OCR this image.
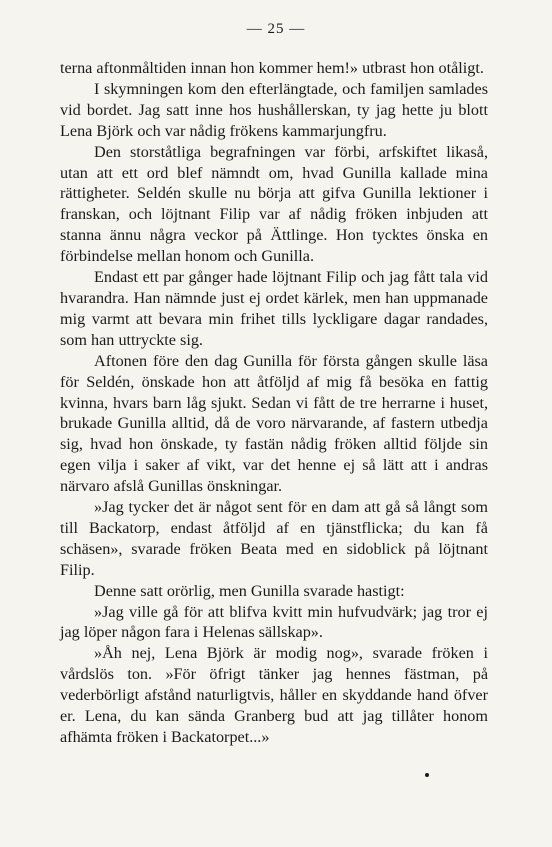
— 25 —

terna aftonmåltiden innan hon kommer hem!» utbrast hon otåligt.

I skymningen kom den efterlängtade, och familjen samlades vid bordet. Jag satt inne hos hushållerskan, ty jag hette ju blott Lena Björk och var nådig frökens kammarjungfru.

Den storståtliga begrafningen var förbi, arfskiftet likaså, utan att ett ord blef nämndt om, hvad Gunilla kallade mina rättigheter. Seldén skulle nu börja att gifva Gunilla lektioner i franskan, och löjtnant Filip var af nådig fröken inbjuden att stanna ännu några veckor på Ättlinge. Hon tycktes önska en förbindelse mellan honom och Gunilla.

Endast ett par gånger hade löjtnant Filip och jag fått tala vid hvarandra. Han nämnde just ej ordet kärlek, men han uppmanade mig varmt att bevara min frihet tills lyckligare dagar randades, som han uttryckte sig.

Aftonen före den dag Gunilla för första gången skulle läsa för Seldén, önskade hon att åtföljd af mig få besöka en fattig kvinna, hvars barn låg sjukt. Sedan vi fått de tre herrarne i huset, brukade Gunilla alltid, då de voro närvarande, af fastern utbedja sig, hvad hon önskade, ty fastän nådig fröken alltid följde sin egen vilja i saker af vikt, var det henne ej så lätt att i andras närvaro afslå Gunillas önskningar.

»Jag tycker det är något sent för en dam att gå så långt som till Backatorp, endast åtföljd af en tjänstflicka; du kan få schäsen», svarade fröken Beata med en sidoblick på löjtnant Filip.

Denne satt orörlig, men Gunilla svarade hastigt:

»Jag ville gå för att blifva kvitt min hufvudvärk; jag tror ej jag löper någon fara i Helenas sällskap».

»Åh nej, Lena Björk är modig nog», svarade fröken i vårdslös ton. »För öfrigt tänker jag hennes fästman, på vederbörligt afstånd naturligtvis, håller en skyddande hand öfver er. Lena, du kan sända Granberg bud att jag tillåter honom afhämta fröken i Backatorpet...»
